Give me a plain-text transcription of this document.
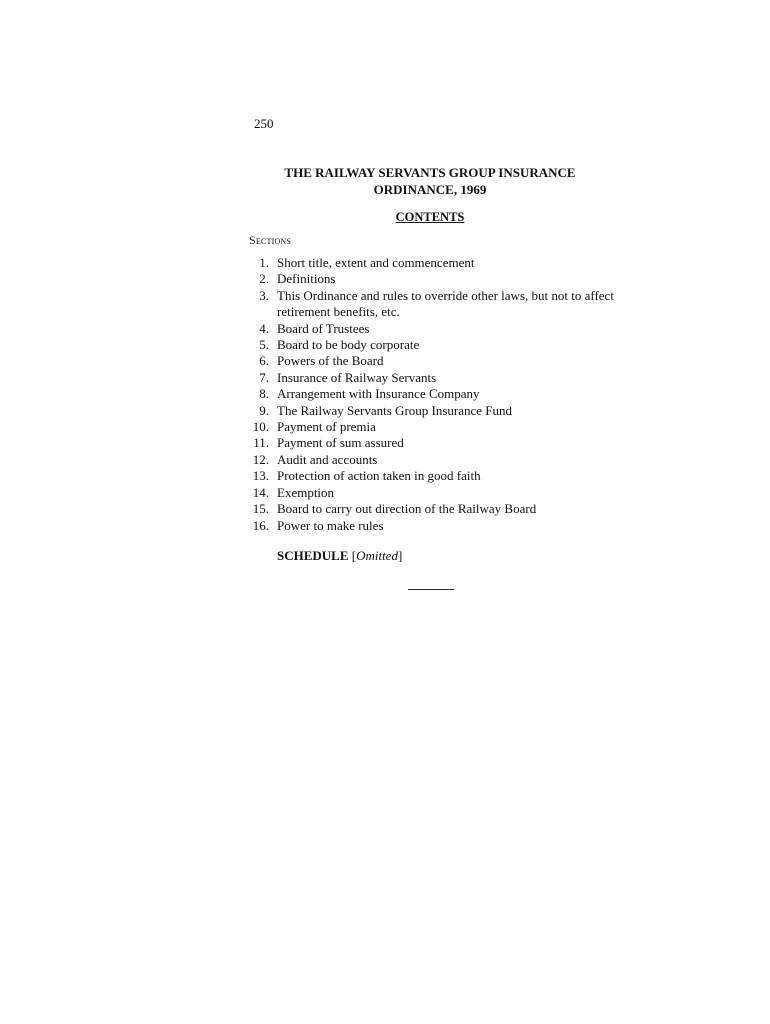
250
THE RAILWAY SERVANTS GROUP INSURANCE
ORDINANCE, 1969
CONTENTS
Sections
1. Short title, extent and commencement
2. Definitions
3. This Ordinance and rules to override other laws, but not to affect retirement benefits, etc.
4. Board of Trustees
5. Board to be body corporate
6. Powers of the Board
7. Insurance of Railway Servants
8. Arrangement with Insurance Company
9. The Railway Servants Group Insurance Fund
10. Payment of premia
11. Payment of sum assured
12. Audit and accounts
13. Protection of action taken in good faith
14. Exemption
15. Board to carry out direction of the Railway Board
16. Power to make rules
SCHEDULE [Omitted]
